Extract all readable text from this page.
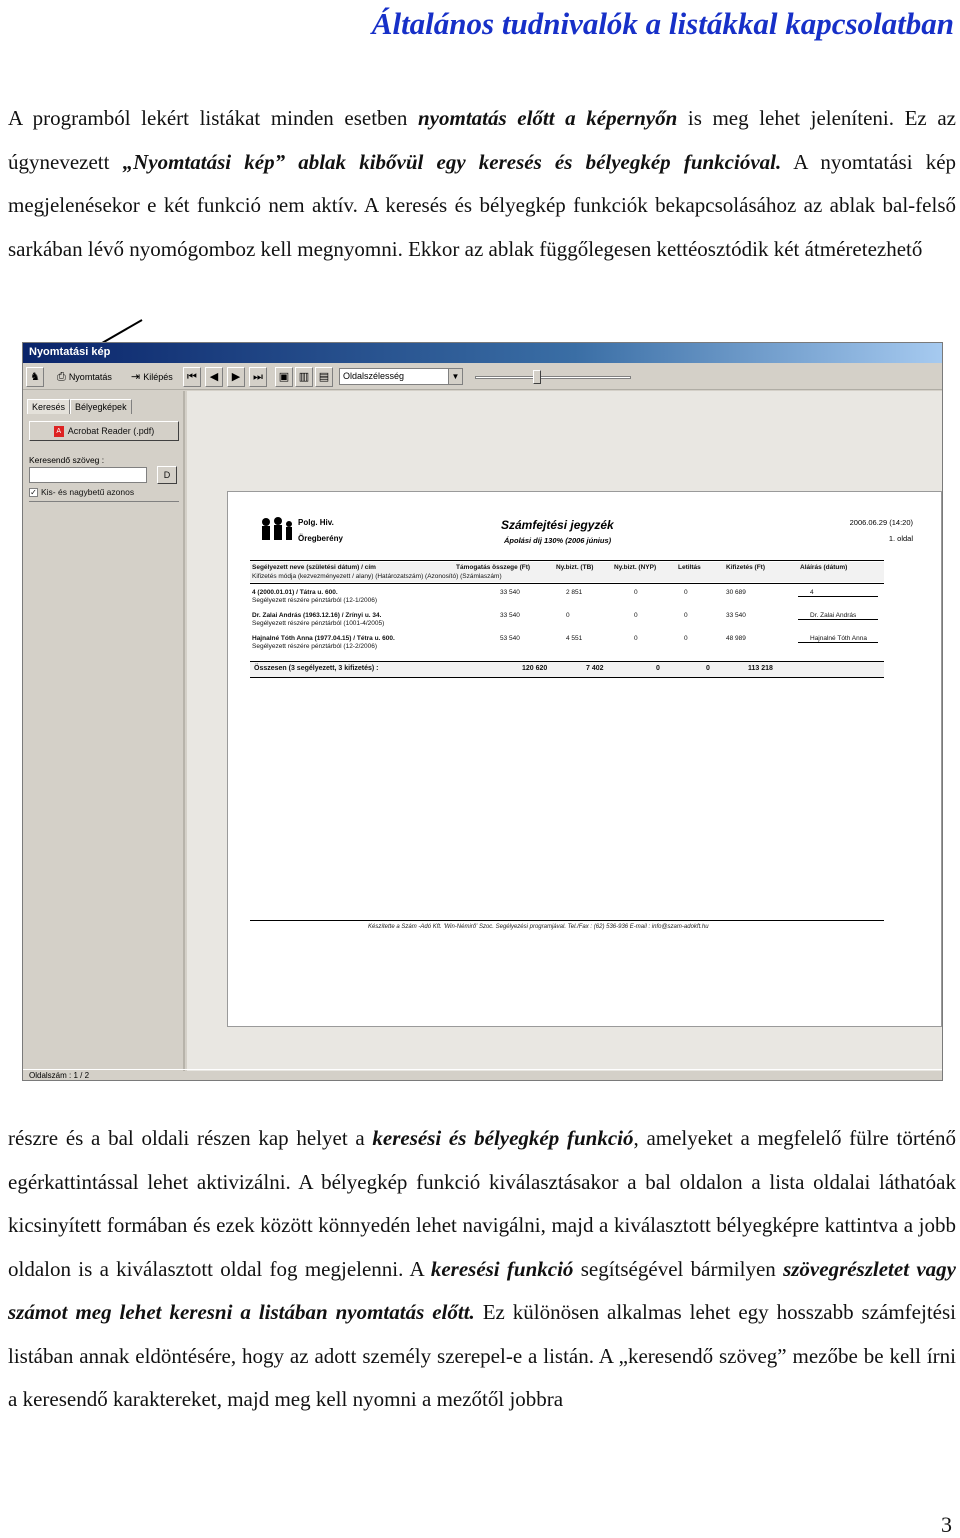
Általános tudnivalók a listákkal kapcsolatban
A programból lekért listákat minden esetben nyomtatás előtt a képernyőn is meg lehet jeleníteni. Ez az úgynevezett „Nyomtatási kép” ablak kibővül egy keresés és bélyegkép funkcióval. A nyomtatási kép megjelenésekor e két funkció nem aktív. A keresés és bélyegkép funkciók bekapcsolásához az ablak bal-felső sarkában lévő nyomógomboz kell megnyomni. Ekkor az ablak függőlegesen kettéosztódik két átméretezhető
Nyomtatási kép
♞ ⎙ Nyomtatás ⇥ Kilépés ⏮ ◀ ▶ ⏭ ▣ ▥ ▤	Oldalszélesség	▼
Keresés	Bélyegképek
A Acrobat Reader (.pdf)
Keresendő szöveg :
D
✓ Kis- és nagybetű azonos
Polg. Hiv.
Öregberény
Számfejtési jegyzék
Ápolási díj 130% (2006 június)
2006.06.29 (14:20)
1. oldal
Segélyezett neve (születési dátum) / cím
Kifizetés módja (kezvezményezett / alany) (Határozatszám) (Azonosító) (Számlaszám)
Támogatás összege (Ft)	Ny.bizt. (TB)	Ny.bizt. (NYP)	Letiltás	Kifizetés (Ft)	Aláírás (dátum)
4 (2000.01.01) / Tátra u. 600.	33 540	2 851	0	0	30 689	4
Segélyezett részére pénztárból (12-1/2006)
Dr. Zalai András (1963.12.16) / Zrínyi u. 34.	33 540	0	0	0	33 540	Dr. Zalai András
Segélyezett részére pénztárból (1001-4/2005)
Hajnalné Tóth Anna (1977.04.15) / Tétra u. 600.	53 540	4 551	0	0	48 989	Hajnalné Tóth Anna
Segélyezett részére pénztárból (12-2/2006)
Összesen (3 segélyezett, 3 kifizetés) :	120 620	7 402	0	0	113 218
Készítette a Szám -Adó Kft. 'Win-Némirő' Szoc. Segélyezési programjával. Tel./Fax : (62) 536-936 E-mail : info@szam-adokft.hu
Oldalszám : 1 / 2
részre és a bal oldali részen kap helyet a keresési és bélyegkép funkció, amelyeket a megfelelő fülre történő egérkattintással lehet aktivizálni. A bélyegkép funkció kiválasztásakor a bal oldalon a lista oldalai láthatóak kicsinyített formában és ezek között könnyedén lehet navigálni, majd a kiválasztott bélyegképre kattintva a jobb oldalon is a kiválasztott oldal fog megjelenni. A keresési funkció segítségével bármilyen szövegrészletet vagy számot meg lehet keresni a listában nyomtatás előtt. Ez különösen alkalmas lehet egy hosszabb számfejtési listában annak eldöntésére, hogy az adott személy szerepel-e a listán. A „keresendő szöveg” mezőbe be kell írni a keresendő karaktereket, majd meg kell nyomni a mezőtől jobbra
3
